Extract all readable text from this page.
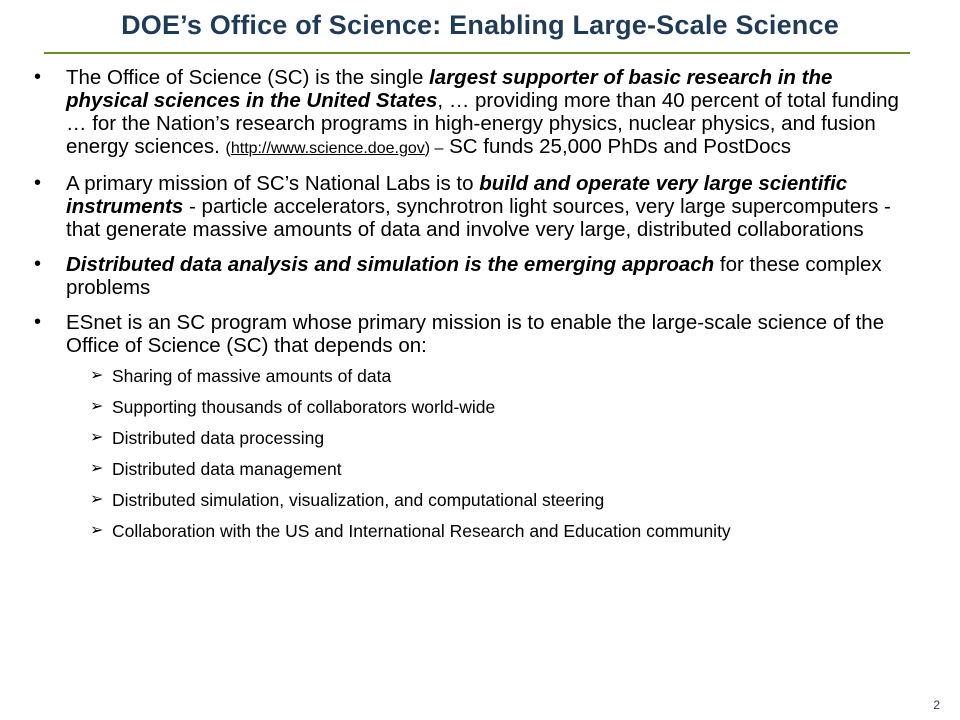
DOE’s Office of Science: Enabling Large-Scale Science
• The Office of Science (SC) is the single largest supporter of basic research in the physical sciences in the United States, … providing more than 40 percent of total funding … for the Nation’s research programs in high-energy physics, nuclear physics, and fusion energy sciences. (http://www.science.doe.gov) – SC funds 25,000 PhDs and PostDocs
• A primary mission of SC’s National Labs is to build and operate very large scientific instruments - particle accelerators, synchrotron light sources, very large supercomputers - that generate massive amounts of data and involve very large, distributed collaborations
• Distributed data analysis and simulation is the emerging approach for these complex problems
• ESnet is an SC program whose primary mission is to enable the large-scale science of the Office of Science (SC) that depends on:
➢ Sharing of massive amounts of data
➢ Supporting thousands of collaborators world-wide
➢ Distributed data processing
➢ Distributed data management
➢ Distributed simulation, visualization, and computational steering
➢ Collaboration with the US and International Research and Education community
2
